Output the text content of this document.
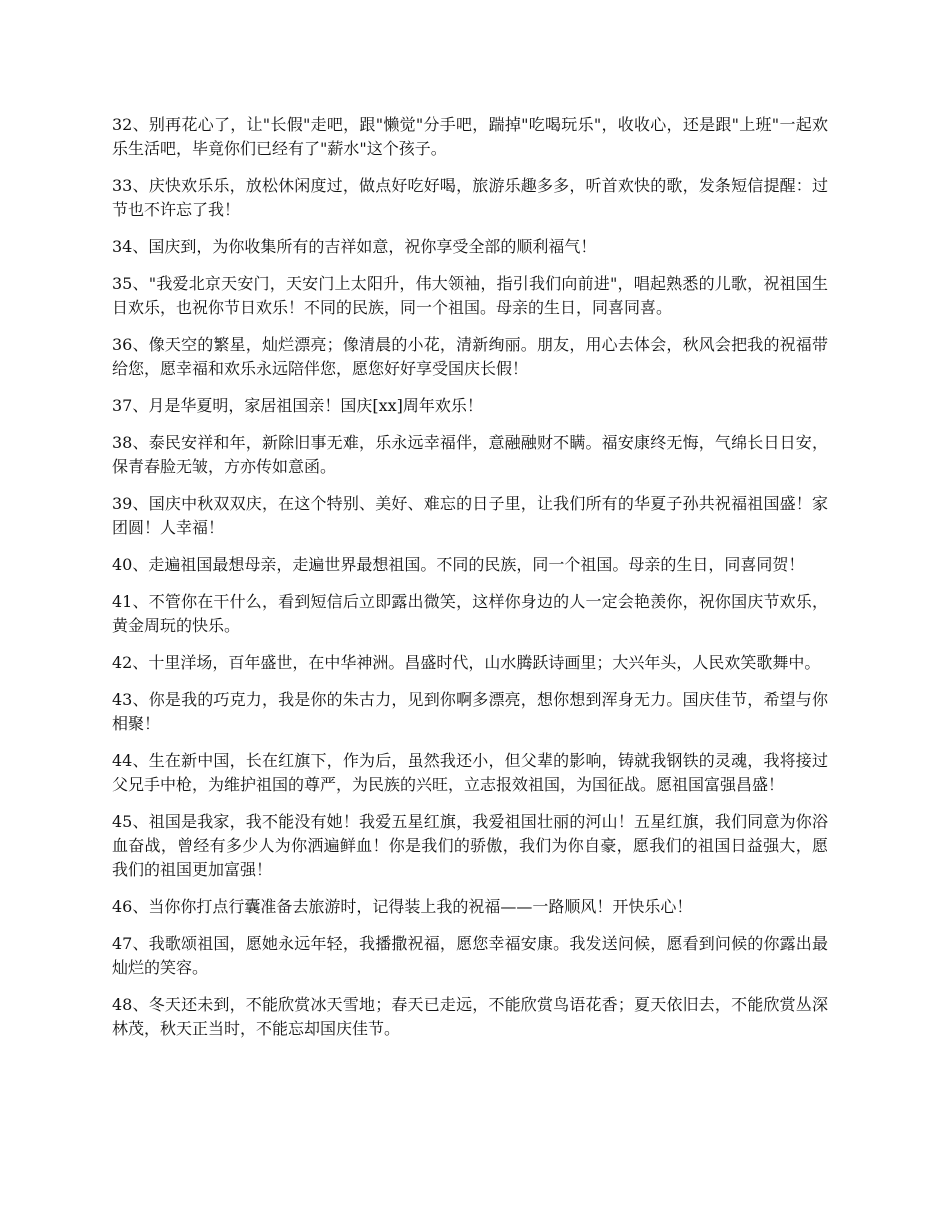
32、别再花心了，让"长假"走吧，跟"懒觉"分手吧，踹掉"吃喝玩乐"，收收心，还是跟"上班"一起欢乐生活吧，毕竟你们已经有了"薪水"这个孩子。

33、庆快欢乐乐，放松休闲度过，做点好吃好喝，旅游乐趣多多，听首欢快的歌，发条短信提醒：过节也不许忘了我！

34、国庆到，为你收集所有的吉祥如意，祝你享受全部的顺利福气！

35、"我爱北京天安门，天安门上太阳升，伟大领袖，指引我们向前进"，唱起熟悉的儿歌，祝祖国生日欢乐，也祝你节日欢乐！不同的民族，同一个祖国。母亲的生日，同喜同喜。

36、像天空的繁星，灿烂漂亮；像清晨的小花，清新绚丽。朋友，用心去体会，秋风会把我的祝福带给您，愿幸福和欢乐永远陪伴您，愿您好好享受国庆长假！

37、月是华夏明，家居祖国亲！国庆[xx]周年欢乐！

38、泰民安祥和年，新除旧事无难，乐永远幸福伴，意融融财不瞒。福安康终无悔，气绵长日日安，保青春脸无皱，方亦传如意函。

39、国庆中秋双双庆，在这个特别、美好、难忘的日子里，让我们所有的华夏子孙共祝福祖国盛！家团圆！人幸福！

40、走遍祖国最想母亲，走遍世界最想祖国。不同的民族，同一个祖国。母亲的生日，同喜同贺！

41、不管你在干什么，看到短信后立即露出微笑，这样你身边的人一定会艳羡你，祝你国庆节欢乐，黄金周玩的快乐。

42、十里洋场，百年盛世，在中华神洲。昌盛时代，山水腾跃诗画里；大兴年头，人民欢笑歌舞中。

43、你是我的巧克力，我是你的朱古力，见到你啊多漂亮，想你想到浑身无力。国庆佳节，希望与你相聚！

44、生在新中国，长在红旗下，作为后，虽然我还小，但父辈的影响，铸就我钢铁的灵魂，我将接过父兄手中枪，为维护祖国的尊严，为民族的兴旺，立志报效祖国，为国征战。愿祖国富强昌盛！

45、祖国是我家，我不能没有她！我爱五星红旗，我爱祖国壮丽的河山！五星红旗，我们同意为你浴血奋战，曾经有多少人为你洒遍鲜血！你是我们的骄傲，我们为你自豪，愿我们的祖国日益强大，愿我们的祖国更加富强！

46、当你你打点行囊准备去旅游时，记得装上我的祝福——一路顺风！开快乐心！

47、我歌颂祖国，愿她永远年轻，我播撒祝福，愿您幸福安康。我发送问候，愿看到问候的你露出最灿烂的笑容。

48、冬天还未到，不能欣赏冰天雪地；春天已走远，不能欣赏鸟语花香；夏天依旧去，不能欣赏丛深林茂，秋天正当时，不能忘却国庆佳节。
